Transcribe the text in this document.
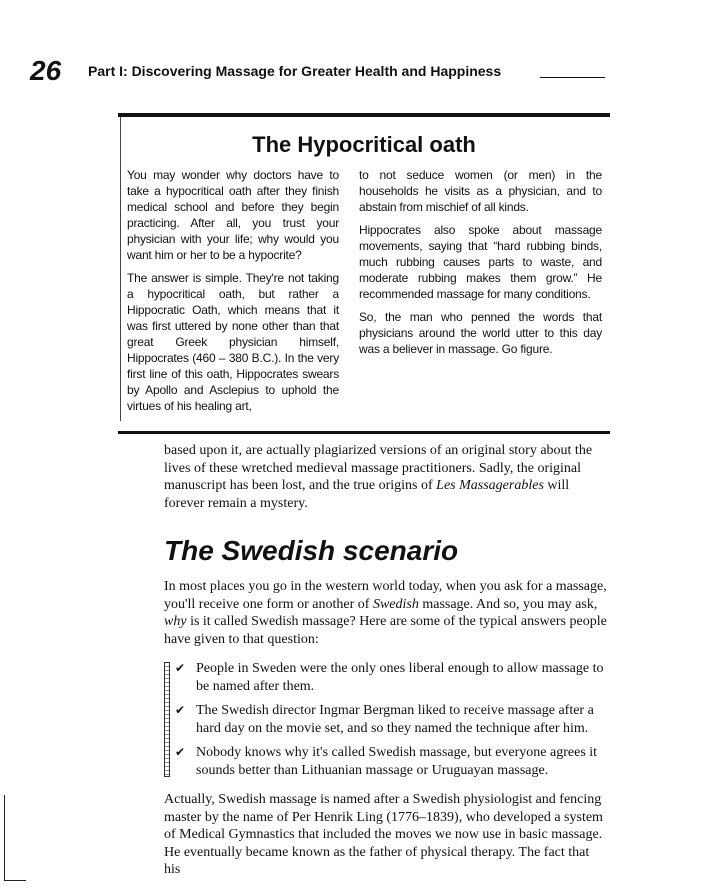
26 Part I: Discovering Massage for Greater Health and Happiness
The Hypocritical oath

You may wonder why doctors have to take a hypocritical oath after they finish medical school and before they begin practicing. After all, you trust your physician with your life; why would you want him or her to be a hypocrite?

The answer is simple. They're not taking a hypocritical oath, but rather a Hippocratic Oath, which means that it was first uttered by none other than that great Greek physician himself, Hippocrates (460 – 380 B.C.). In the very first line of this oath, Hippocrates swears by Apollo and Asclepius to uphold the virtues of his healing art,

to not seduce women (or men) in the households he visits as a physician, and to abstain from mischief of all kinds.

Hippocrates also spoke about massage movements, saying that “hard rubbing binds, much rubbing causes parts to waste, and moderate rubbing makes them grow.” He recommended massage for many conditions.

So, the man who penned the words that physicians around the world utter to this day was a believer in massage. Go figure.

based upon it, are actually plagiarized versions of an original story about the lives of these wretched medieval massage practitioners. Sadly, the original manuscript has been lost, and the true origins of Les Massagerables will forever remain a mystery.

The Swedish scenario

In most places you go in the western world today, when you ask for a massage, you'll receive one form or another of Swedish massage. And so, you may ask, why is it called Swedish massage? Here are some of the typical answers people have given to that question:

✔ People in Sweden were the only ones liberal enough to allow massage to be named after them.
✔ The Swedish director Ingmar Bergman liked to receive massage after a hard day on the movie set, and so they named the technique after him.
✔ Nobody knows why it's called Swedish massage, but everyone agrees it sounds better than Lithuanian massage or Uruguayan massage.

Actually, Swedish massage is named after a Swedish physiologist and fencing master by the name of Per Henrik Ling (1776–1839), who developed a system of Medical Gymnastics that included the moves we now use in basic massage. He eventually became known as the father of physical therapy. The fact that his
